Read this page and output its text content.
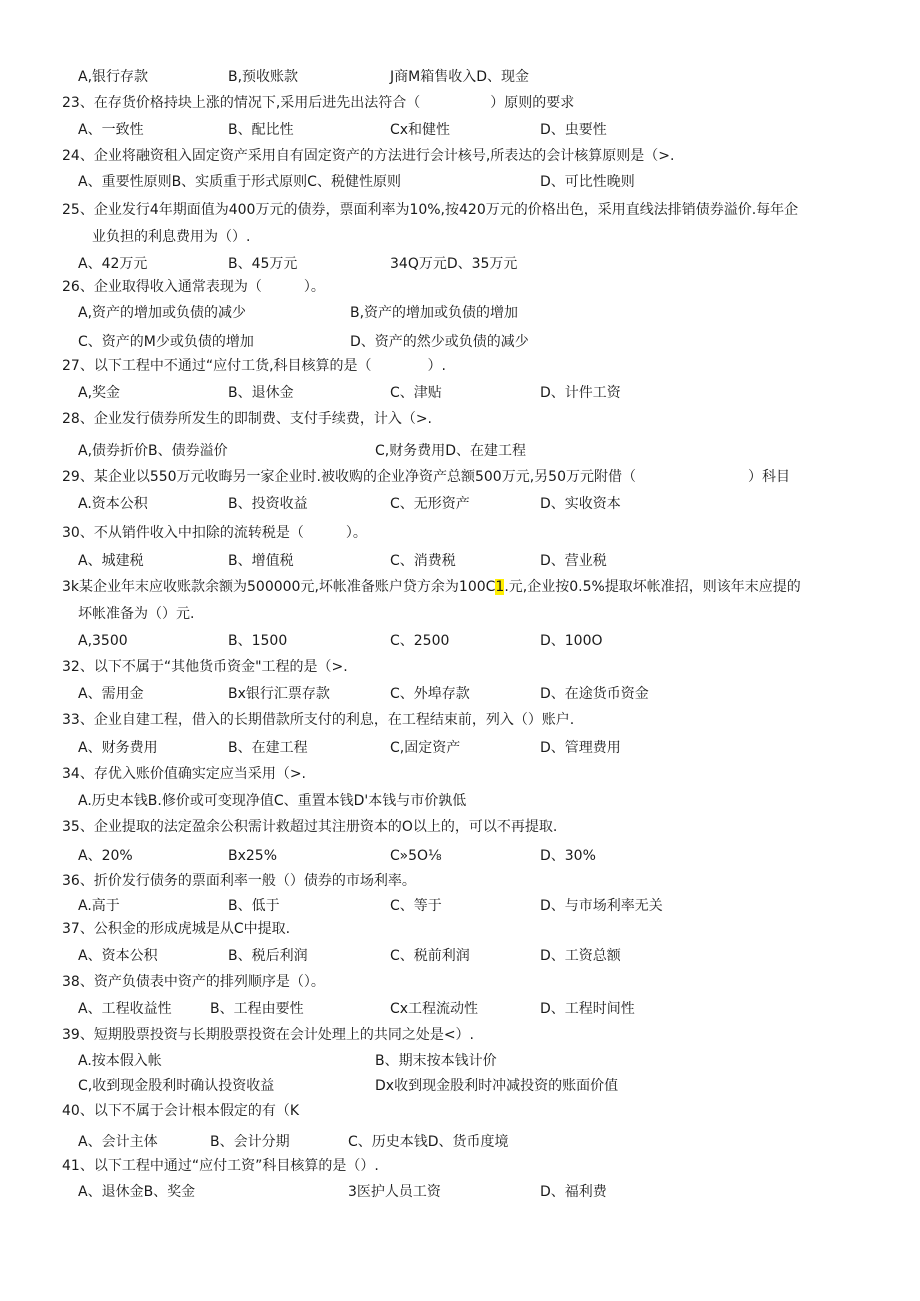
A,银行存款	B,预收账款	J商M箱售收入D、现金
23、在存货价格持块上涨的情况下,采用后进先出法符合（　　　　　）原则的要求
A、一致性	B、配比性	Cx和健性	D、虫要性
24、企业将融资租入固定资产采用自有固定资产的方法进行会计核号,所表达的会计核算原则是（>.
A、重要性原则B、实质重于形式原则C、税健性原则	D、可比性晚则
25、企业发行4年期面值为400万元的债券，票面利率为10%,按420万元的价格出色，采用直线法排销债券溢价.每年企
业负担的利息费用为（）.
A、42万元	B、45万元	34Q万元D、35万元
26、企业取得收入通常表现为（　　　）。
A,资产的增加或负债的减少	B,资产的增加或负债的增加
C、资产的M少或负债的增加	D、资产的然少或负债的减少
27、以下工程中不通过“应付工货,科目核算的是（　　　　）.
A,奖金	B、退休金	C、津贴	D、计件工资
28、企业发行债券所发生的即制费、支付手续费，计入（>.
A,债券折价B、债券溢价	C,财务费用D、在建工程
29、某企业以550万元收晦另一家企业时.被收购的企业净资产总额500万元,另50万元附借（　　　　　　　　）科目
A.资本公积	B、投资收益	C、无形资产	D、实收资本
30、不从销件收入中扣除的流转税是（　　　）。
A、城建税	B、增值税	C、消费税	D、营业税
3k某企业年末应收账款余额为500000元,坏帐准备账户贷方余为100C1.元,企业按0.5%提取坏帐准招，则该年末应提的
坏帐准备为（）元.
A,3500	B、1500	C、2500	D、100O
32、以下不属于“其他货币资金"工程的是（>.
A、需用金	Bx银行汇票存款	C、外埠存款	D、在途货币资金
33、企业自建工程，借入的长期借款所支付的利息，在工程结束前，列入（）账户.
A、财务费用	B、在建工程	C,固定资产	D、管理费用
34、存优入账价值确实定应当采用（>.
A.历史本钱B.修价或可变现净值C、重置本钱D'本钱与市价孰低
35、企业提取的法定盈余公积需计救超过其注册资本的O以上的，可以不再提取.
A、20%	Bx25%	C»5O⅛	D、30%
36、折价发行债务的票面利率一般（）债券的市场利率。
A.高于	B、低于	C、等于	D、与市场利率无关
37、公积金的形成虎城是从C中提取.
A、资本公积	B、税后利润	C、税前利润	D、工资总额
38、资产负债表中资产的排列顺序是（）。
A、工程收益性	B、工程由要性	Cx工程流动性	D、工程时间性
39、短期股票投资与长期股票投资在会计处理上的共同之处是<）.
A.按本假入帐	B、期末按本钱计价
C,收到现金股利时确认投资收益	Dx收到现金股利时冲减投资的账面价值
40、以下不属于会计根本假定的有（K
A、会计主体	B、会计分期	C、历史本钱D、货币度境
41、以下工程中通过“应付工资”科目核算的是（）.
A、退休金B、奖金	3医护人员工资	D、福利费
